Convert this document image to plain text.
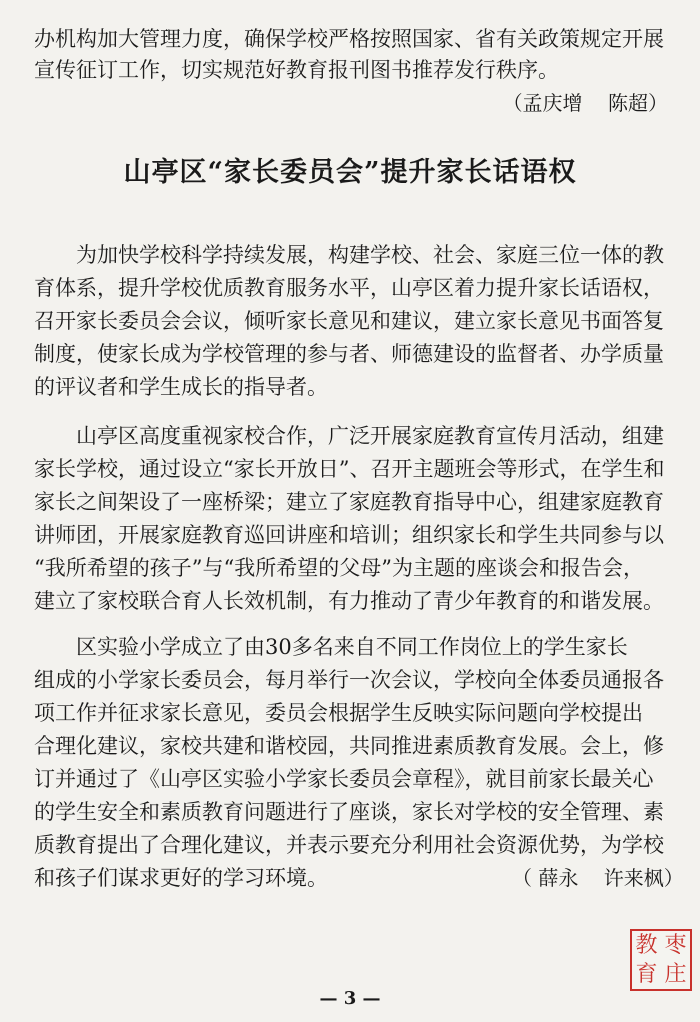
办机构加大管理力度，确保学校严格按照国家、省有关政策规定开展
宣传征订工作，切实规范好教育报刊图书推荐发行秩序。
（孟庆增    陈超）
山亭区“家长委员会”提升家长话语权
为加快学校科学持续发展，构建学校、社会、家庭三位一体的教
育体系，提升学校优质教育服务水平，山亭区着力提升家长话语权，
召开家长委员会会议，倾听家长意见和建议，建立家长意见书面答复
制度，使家长成为学校管理的参与者、师德建设的监督者、办学质量
的评议者和学生成长的指导者。
山亭区高度重视家校合作，广泛开展家庭教育宣传月活动，组建
家长学校，通过设立“家长开放日”、召开主题班会等形式，在学生和
家长之间架设了一座桥梁；建立了家庭教育指导中心，组建家庭教育
讲师团，开展家庭教育巡回讲座和培训；组织家长和学生共同参与以
“我所希望的孩子”与“我所希望的父母”为主题的座谈会和报告会，
建立了家校联合育人长效机制，有力推动了青少年教育的和谐发展。
区实验小学成立了由30多名来自不同工作岗位上的学生家长
组成的小学家长委员会，每月举行一次会议，学校向全体委员通报各
项工作并征求家长意见，委员会根据学生反映实际问题向学校提出
合理化建议，家校共建和谐校园，共同推进素质教育发展。会上，修
订并通过了《山亭区实验小学家长委员会章程》，就目前家长最关心
的学生安全和素质教育问题进行了座谈，家长对学校的安全管理、素
质教育提出了合理化建议，并表示要充分利用社会资源优势，为学校
和孩子们谋求更好的学习环境。	（ 薛永    许来枫）
— 3 —
教 枣
育 庄
